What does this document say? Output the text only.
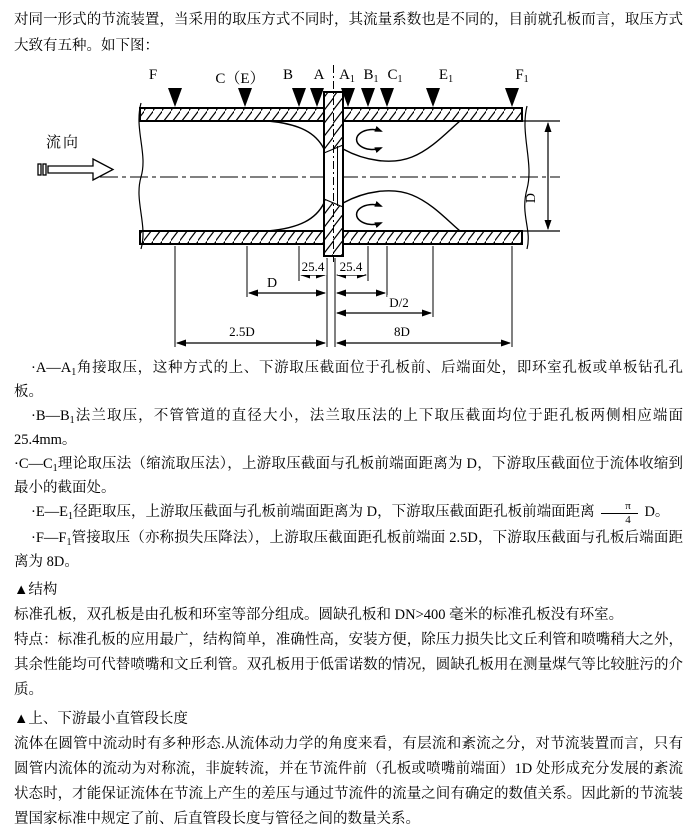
对同一形式的节流装置，当采用的取压方式不同时，其流量系数也是不同的，目前就孔板而言，取压方式大致有五种。如下图：

流向
F	C（E） B A $A_1$ $B_1$ $C_1$ $E_1$	$F_1$
25.4 25.4
D
D/2
2.5D	8D
D

$\cdot A—A_1$角接取压，这种方式的上、下游取压截面位于孔板前、后端面处，即环室孔板或单板钻孔孔板。

$\cdot B—B_1$法兰取压，不管管道的直径大小，法兰取压法的上下取压截面均位于距孔板两侧相应端面 25.4mm。

$\cdot C—C_1$理论取压法（缩流取压法），上游取压截面与孔板前端面距离为 D，下游取压截面位于流体收缩到最小的截面处。

$\cdot E—E_1$径距取压，上游取压截面与孔板前端面距离为 D，下游取压截面距孔板前端面距离 $\frac{\pi}{4}$ D。

$\cdot F—F_1$管接取压（亦称损失压降法），上游取压截面距孔板前端面 2.5D，下游取压截面与孔板后端面距离为 8D。

▲结构

标准孔板，双孔板是由孔板和环室等部分组成。圆缺孔板和 DN>400 毫米的标准孔板没有环室。

特点：标准孔板的应用最广，结构简单，准确性高，安装方便，除压力损失比文丘利管和喷嘴稍大之外，其余性能均可代替喷嘴和文丘利管。双孔板用于低雷诺数的情况，圆缺孔板用在测量煤气等比较脏污的介质。

▲上、下游最小直管段长度

流体在圆管中流动时有多种形态.从流体动力学的角度来看，有层流和紊流之分，对节流装置而言，只有圆管内流体的流动为对称流，非旋转流，并在节流件前（孔板或喷嘴前端面）1D 处形成充分发展的紊流状态时，才能保证流体在节流上产生的差压与通过节流件的流量之间有确定的数值关系。因此新的节流装置国家标准中规定了前、后直管段长度与管径之间的数量关系。
